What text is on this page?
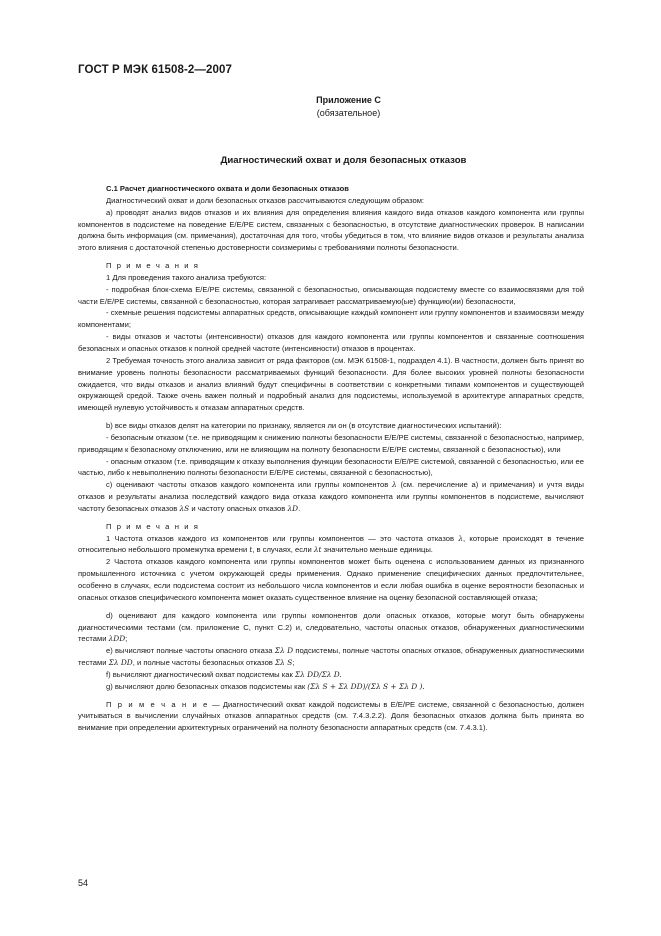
ГОСТ Р МЭК 61508-2—2007
Приложение С
(обязательное)
Диагностический охват и доля безопасных отказов

С.1 Расчет диагностического охвата и доли безопасных отказов

Диагностический охват и доли безопасных отказов рассчитываются следующим образом:

а) проводят анализ видов отказов и их влияния для определения влияния каждого вида отказов каждого компонента или группы компонентов в подсистеме на поведение Е/Е/РЕ систем, связанных с безопасностью, в отсутствие диагностических проверок. В напиcании должна быть информация (см. примечания), достаточная для того, чтобы убедиться в том, что влияние видов отказов и результаты анализа этого влияния с достаточной степенью достоверности соизмеримы с требованиями полноты безопасности.

П р и м е ч а н и я

1 Для проведения такого анализа требуются:

- подробная блок-схема Е/Е/РЕ системы, связанной с безопасностью, описывающая подсистему вместе со взаимосвязями для той части Е/Е/РЕ системы, связанной с безопасностью, которая затрагивает рассматриваемую(ые) функцию(ии) безопасности,

- схемные решения подсистемы аппаратных средств, описывающие каждый компонент или группу компонентов и взаимосвязи между компонентами;

- виды отказов и частоты (интенсивности) отказов для каждого компонента или группы компонентов и связанные соотношения безопасных и опасных отказов к полной средней частоте (интенсивности) отказов в процентах.

2 Требуемая точность этого анализа зависит от ряда факторов (см. МЭК 61508-1, подраздел 4.1). В частности, должен быть принят во внимание уровень полноты безопасности рассматриваемых функций безопасности. Для более высоких уровней полноты безопасности ожидается, что виды отказов и анализ влияний будут специфичны в соответствии с конкретными типами компонентов и существующей окружающей средой. Также очень важен полный и подробный анализ для подсистемы, используемой в архитектуре аппаратных средств, имеющей нулевую устойчивость к отказам аппаратных средств.

b) все виды отказов делят на категории по признаку, является ли он (в отсутствие диагностических испытаний):

- безопасным отказом (т.е. не приводящим к снижению полноты безопасности Е/Е/РЕ системы, связанной с безопасностью, например, приводящим к безопасному отключению, или не влияющим на полноту безопасности Е/Е/РЕ системы, связанной с безопасностью), или

- опасным отказом (т.е. приводящим к отказу выполнения функции безопасности Е/Е/РЕ системой, связанной с безопасностью, или ее частью, либо к невыполнению полноты безопасности Е/Е/РЕ системы, связанной с безопасностью),

с) оценивают частоты отказов каждого компонента или группы компонентов λ (см. перечисление а) и примечания) и учтя виды отказов и результаты анализа последствий каждого вида отказа каждого компонента или группы компонентов в подсистеме, вычисляют частоту безопасных отказов λS и частоту опасных отказов λD.

П р и м е ч а н и я

1 Частота отказов каждого из компонентов или группы компонентов — это частота отказов λ, которые происходят в течение относительно небольшого промежутка времени t, в случаях, если λt значительно меньше единицы.

2 Частота отказов каждого компонента или группы компонентов может быть оценена с использованием данных из признанного промышленного источника с учетом окружающей среды применения. Однако применение специфических данных предпочтительнее, особенно в случаях, если подсистема состоит из небольшого числа компонентов и если любая ошибка в оценке вероятности безопасных и опасных отказов специфического компонента может оказать существенное влияние на оценку безопасной составляющей отказа;

d) оценивают для каждого компонента или группы компонентов доли опасных отказов, которые могут быть обнаружены диагностическими тестами (см. приложение С, пункт С.2) и, следовательно, частоты опасных отказов, обнаруженных диагностическими тестами λDD;

е) вычисляют полные частоты опасного отказа Σλ D подсистемы, полные частоты опасных отказов, обнаруженных диагностическими тестами Σλ DD, и полные частоты безопасных отказов Σλ S;

f) вычисляют диагностический охват подсистемы как Σλ DD/Σλ D.

g) вычисляют долю безопасных отказов подсистемы как (Σλ S + Σλ DD)/(Σλ S + Σλ D ).

П р и м е ч а н и е — Диагностический охват каждой подсистемы в Е/Е/РЕ системе, связанной с безопасностью, должен учитываться в вычислении случайных отказов аппаратных средств (см. 7.4.3.2.2). Доля безопасных отказов должна быть принята во внимание при определении архитектурных ограничений на полноту безопасности аппаратных средств (см. 7.4.3.1).

54
